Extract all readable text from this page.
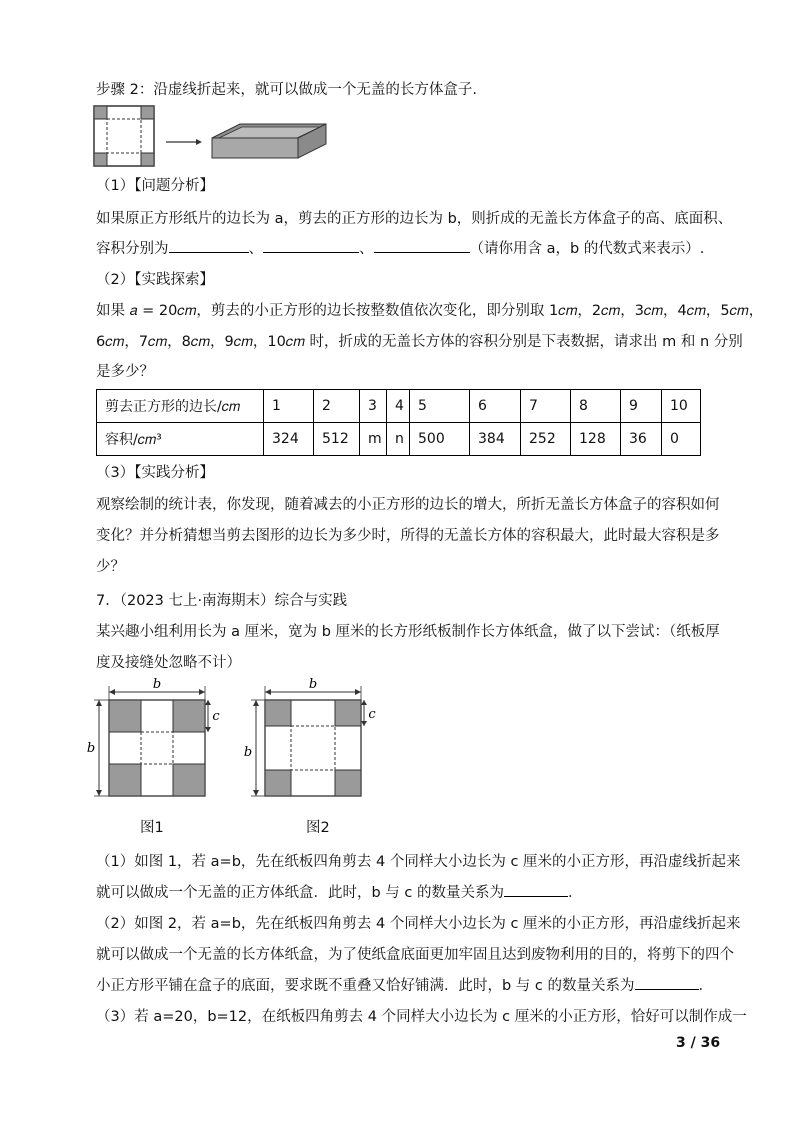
步骤 2：沿虚线折起来，就可以做成一个无盖的长方体盒子.
（1）【问题分析】
如果原正方形纸片的边长为 a，剪去的正方形的边长为 b，则折成的无盖长方体盒子的高、底面积、
容积分别为	、	、	（请你用含 a，b 的代数式来表示）.
（2）【实践探索】
如果 𝑎 = 20𝑐𝑚，剪去的小正方形的边长按整数值依次变化，即分别取 1𝑐𝑚，2𝑐𝑚，3𝑐𝑚，4𝑐𝑚，5𝑐𝑚，
6𝑐𝑚，7𝑐𝑚，8𝑐𝑚，9𝑐𝑚，10𝑐𝑚 时，折成的无盖长方体的容积分别是下表数据，请求出 m 和 n 分别
是多少？
剪去正方形的边长/𝑐𝑚	1	2	3	4	5	6	7	8	9	10
容积/𝑐𝑚³	324	512	m	n	500	384	252	128	36	0
（3）【实践分析】
观察绘制的统计表，你发现，随着减去的小正方形的边长的增大，所折无盖长方体盒子的容积如何
变化？并分析猜想当剪去图形的边长为多少时，所得的无盖长方体的容积最大，此时最大容积是多
少？
7．（2023 七上·南海期末）综合与实践
某兴趣小组利用长为 a 厘米，宽为 b 厘米的长方形纸板制作长方体纸盒，做了以下尝试：（纸板厚
度及接缝处忽略不计）
b
b
c
图1
b
b
c
图2
（1）如图 1，若 a=b，先在纸板四角剪去 4 个同样大小边长为 c 厘米的小正方形，再沿虚线折起来
就可以做成一个无盖的正方体纸盒．此时，b 与 c 的数量关系为	．
（2）如图 2，若 a=b，先在纸板四角剪去 4 个同样大小边长为 c 厘米的小正方形，再沿虚线折起来
就可以做成一个无盖的长方体纸盒，为了使纸盒底面更加牢固且达到废物利用的目的，将剪下的四个
小正方形平铺在盒子的底面，要求既不重叠又恰好铺满．此时，b 与 c 的数量关系为	．
（3）若 a=20，b=12，在纸板四角剪去 4 个同样大小边长为 c 厘米的小正方形，恰好可以制作成一
3 / 36
